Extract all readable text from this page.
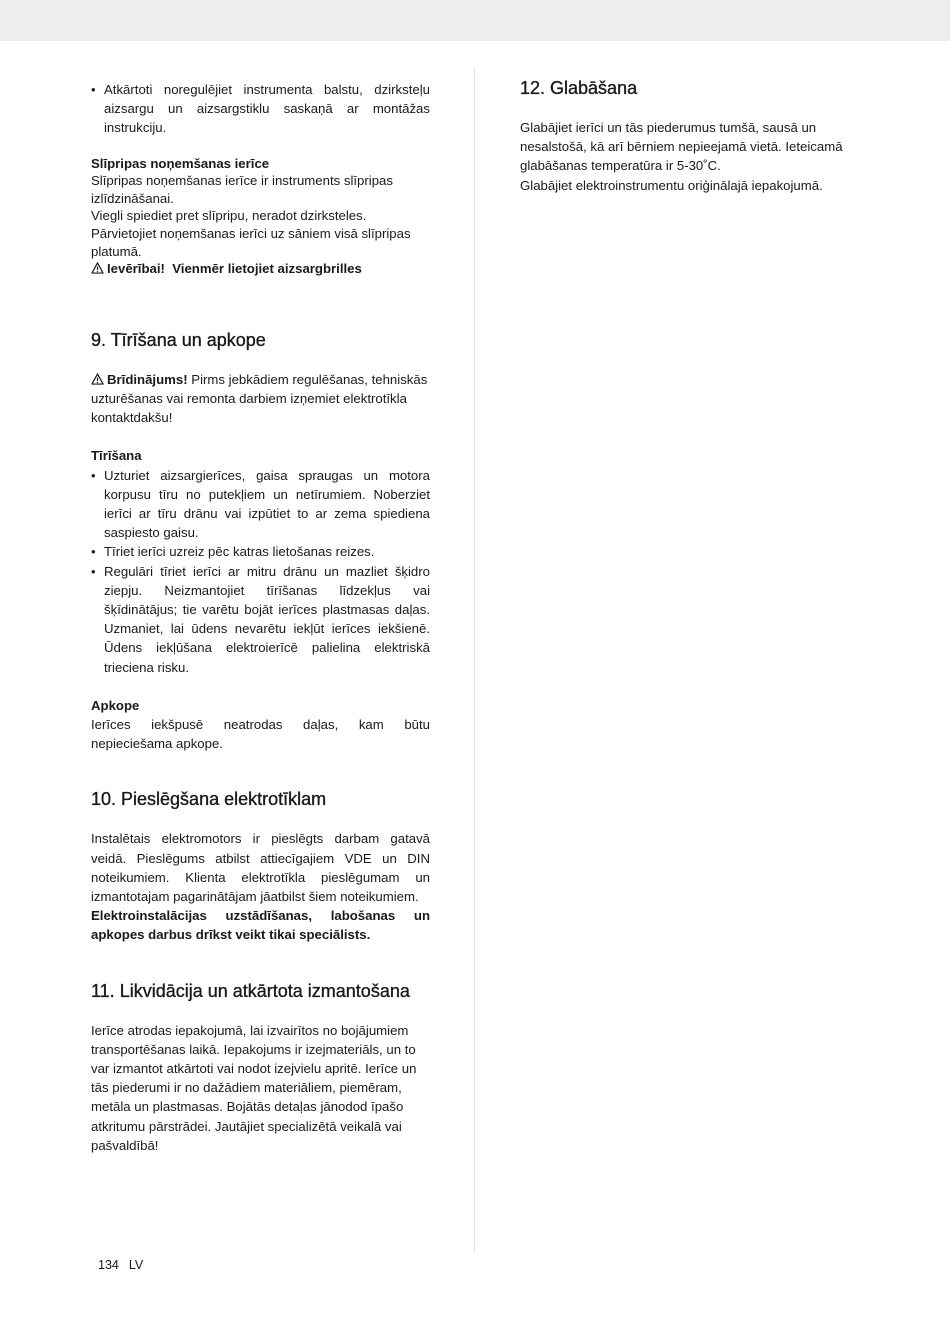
• Atkārtoti noregulējiet instrumenta balstu, dzirksteļu aizsargu un aizsargstiklu saskaņā ar montāžas instrukciju.
Slīpripas noņemšanas ierīce

Slīpripas noņemšanas ierīce ir instruments slīpripas izlīdzināšanai.

Viegli spiediet pret slīpripu, neradot dzirksteles. Pārvietojiet noņemšanas ierīci uz sāniem visā slīpripas platumā.

Ievērībai! Vienmēr lietojiet aizsargbrilles

9. Tīrīšana un apkope

Brīdinājums! Pirms jebkādiem regulēšanas, tehniskās uzturēšanas vai remonta darbiem izņemiet elektrotīkla kontaktdakšu!

Tīrīšana
• Uzturiet aizsargierīces, gaisa spraugas un motora korpusu tīru no putekļiem un netīrumiem. Noberziet ierīci ar tīru drānu vai izpūtiet to ar zema spiediena saspiesto gaisu.
• Tīriet ierīci uzreiz pēc katras lietošanas reizes.
• Regulāri tīriet ierīci ar mitru drānu un mazliet šķidro ziepju. Neizmantojiet tīrīšanas līdzekļus vai šķīdinātājus; tie varētu bojāt ierīces plastmasas daļas. Uzmaniet, lai ūdens nevarētu iekļūt ierīces iekšienē. Ūdens iekļūšana elektroierīcē palielina elektriskā trieciena risku.
Apkope

Ierīces iekšpusē neatrodas daļas, kam būtu nepieciešama apkope.

10. Pieslēgšana elektrotīklam

Instalētais elektromotors ir pieslēgts darbam gatavā veidā. Pieslēgums atbilst attiecīgajiem VDE un DIN noteikumiem. Klienta elektrotīkla pieslēgumam un izmantotajam pagarinātājam jāatbilst šiem noteikumiem.

Elektroinstalācijas uzstādīšanas, labošanas un apkopes darbus drīkst veikt tikai speciālists.

11. Likvidācija un atkārtota izmantošana

Ierīce atrodas iepakojumā, lai izvairītos no bojājumiem transportēšanas laikā. Iepakojums ir izejmateriāls, un to var izmantot atkārtoti vai nodot izejvielu apritē. Ierīce un tās piederumi ir no dažādiem materiāliem, piemēram, metāla un plastmasas. Bojātās detaļas jānodod īpašo atkritumu pārstrādei. Jautājiet specializētā veikalā vai pašvaldībā!

12. Glabāšana

Glabājiet ierīci un tās piederumus tumšā, sausā un nesalstošā, kā arī bērniem nepieejamā vietā. Ieteicamā glabāšanas temperatūra ir 5-30˚C.

Glabājiet elektroinstrumentu oriģinālajā iepakojumā.

134 LV
